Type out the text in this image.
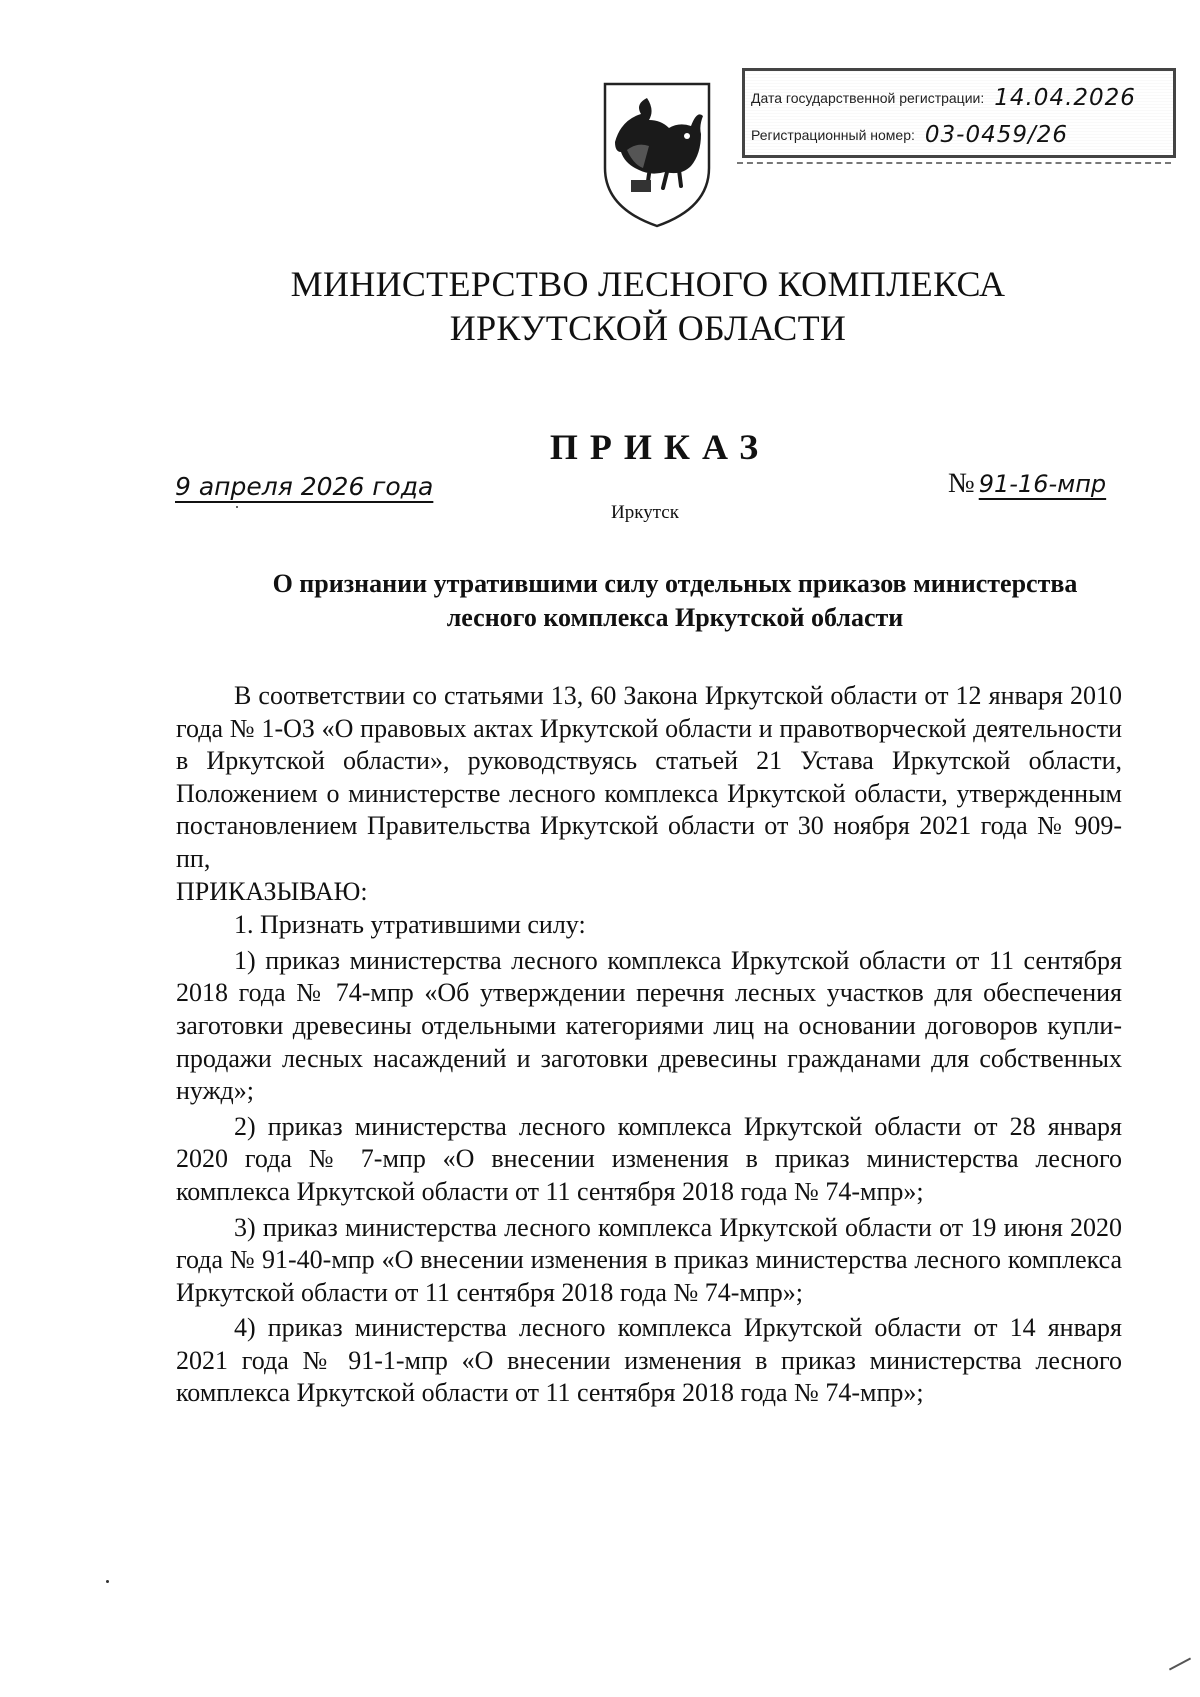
Дата государственной регистрации: 14.04.2026
Регистрационный номер: 03-0459/26
МИНИСТЕРСТВО ЛЕСНОГО КОМПЛЕКСА
ИРКУТСКОЙ ОБЛАСТИ
ПРИКАЗ
9 апреля 2026 года	№ 91-16-мпр
Иркутск
О признании утратившими силу отдельных приказов министерства
лесного комплекса Иркутской области

В соответствии со статьями 13, 60 Закона Иркутской области от 12 января 2010 года № 1-ОЗ «О правовых актах Иркутской области и правотворческой деятельности в Иркутской области», руководствуясь статьей 21 Устава Иркутской области, Положением о министерстве лесного комплекса Иркутской области, утвержденным постановлением Правительства Иркутской области от 30 ноября 2021 года № 909-пп,

ПРИКАЗЫВАЮ:

1. Признать утратившими силу:

1) приказ министерства лесного комплекса Иркутской области от 11 сентября 2018 года № 74-мпр «Об утверждении перечня лесных участков для обеспечения заготовки древесины отдельными категориями лиц на основании договоров купли-продажи лесных насаждений и заготовки древесины гражданами для собственных нужд»;

2) приказ министерства лесного комплекса Иркутской области от 28 января 2020 года № 7-мпр «О внесении изменения в приказ министерства лесного комплекса Иркутской области от 11 сентября 2018 года № 74-мпр»;

3) приказ министерства лесного комплекса Иркутской области от 19 июня 2020 года № 91-40-мпр «О внесении изменения в приказ министерства лесного комплекса Иркутской области от 11 сентября 2018 года № 74-мпр»;

4) приказ министерства лесного комплекса Иркутской области от 14 января 2021 года № 91-1-мпр «О внесении изменения в приказ министерства лесного комплекса Иркутской области от 11 сентября 2018 года № 74-мпр»;
